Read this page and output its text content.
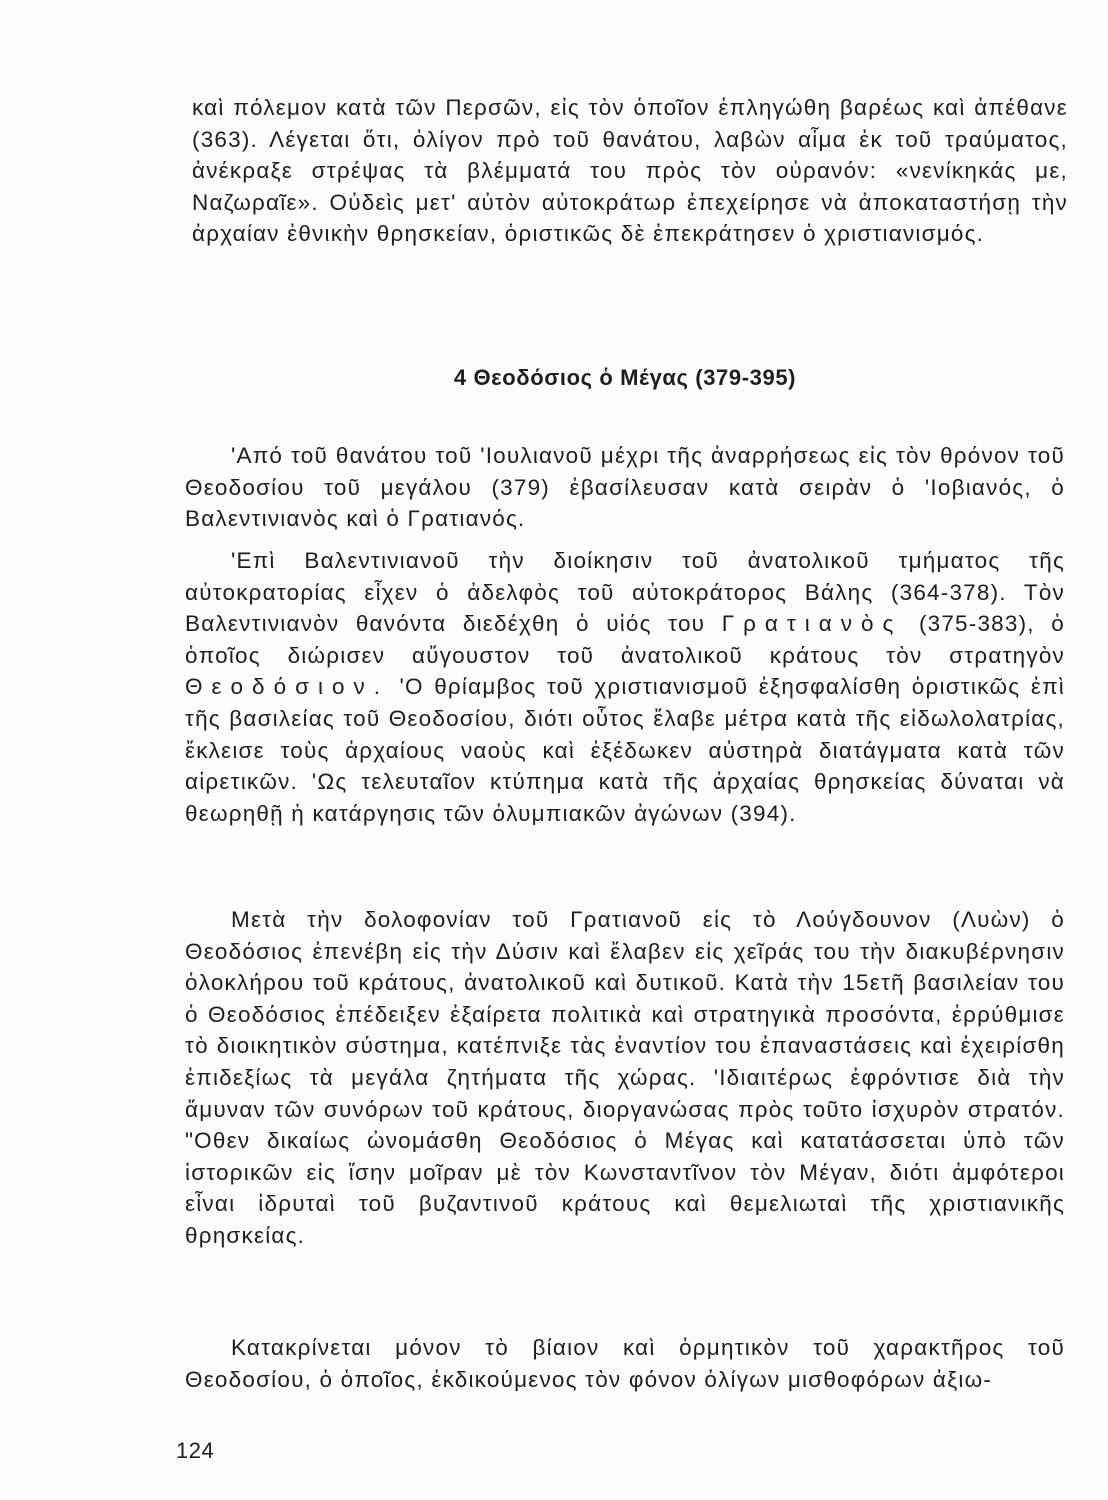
καὶ πόλεμον κατὰ τῶν Περσῶν, εἰς τὸν ὁποῖον ἐπληγώθη βαρέως καὶ ἀπέθανε (363). Λέγεται ὅτι, ὀλίγον πρὸ τοῦ θανάτου, λαβὼν αἷμα ἐκ τοῦ τραύματος, ἀνέκραξε στρέψας τὰ βλέμματά του πρὸς τὸν οὐρανόν: «νενίκηκάς με, Ναζωραῖε». Οὐδεὶς μετ' αὐτὸν αὐτοκράτωρ ἐπεχείρησε νὰ ἀποκαταστήσῃ τὴν ἀρχαίαν ἐθνικὴν θρησκείαν, ὁριστικῶς δὲ ἐπεκράτησεν ὁ χριστιανισμός.

4 Θεοδόσιος ὁ Μέγας (379-395)

'Από τοῦ θανάτου τοῦ 'Ιουλιανοῦ μέχρι τῆς ἀναρρήσεως εἰς τὸν θρόνον τοῦ Θεοδοσίου τοῦ μεγάλου (379) ἐβασίλευσαν κατὰ σειρὰν ὁ 'Ιοβιανός, ὁ Βαλεντινιανὸς καὶ ὁ Γρατιανός.

'Επὶ Βαλεντινιανοῦ τὴν διοίκησιν τοῦ ἀνατολικοῦ τμήματος τῆς αὐτοκρατορίας εἶχεν ὁ ἀδελφὸς τοῦ αὐτοκράτορος Βάλης (364-378). Τὸν Βαλεντινιανὸν θανόντα διεδέχθη ὁ υἱός του Γρατιανὸς (375-383), ὁ ὁποῖος διώρισεν αὔγουστον τοῦ ἀνατολικοῦ κράτους τὸν στρατηγὸν Θεοδόσιον. 'Ο θρίαμβος τοῦ χριστιανισμοῦ ἐξησφαλίσθη ὁριστικῶς ἐπὶ τῆς βασιλείας τοῦ Θεοδοσίου, διότι οὗτος ἔλαβε μέτρα κατὰ τῆς εἰδωλολατρίας, ἔκλεισε τοὺς ἀρχαίους ναοὺς καὶ ἐξέδωκεν αὐστηρὰ διατάγματα κατὰ τῶν αἱρετικῶν. 'Ως τελευταῖον κτύπημα κατὰ τῆς ἀρχαίας θρησκείας δύναται νὰ θεωρηθῇ ἡ κατάργησις τῶν ὀλυμπιακῶν ἀγώνων (394).

Μετὰ τὴν δολοφονίαν τοῦ Γρατιανοῦ εἰς τὸ Λούγδουνον (Λυὼν) ὁ Θεοδόσιος ἐπενέβη εἰς τὴν Δύσιν καὶ ἔλαβεν εἰς χεῖράς του τὴν διακυβέρνησιν ὁλοκλήρου τοῦ κράτους, ἀνατολικοῦ καὶ δυτικοῦ. Κατὰ τὴν 15ετῆ βασιλείαν του ὁ Θεοδόσιος ἐπέδειξεν ἐξαίρετα πολιτικὰ καὶ στρατηγικὰ προσόντα, ἐρρύθμισε τὸ διοικητικὸν σύστημα, κατέπνιξε τὰς ἐναντίον του ἐπαναστάσεις καὶ ἐχειρίσθη ἐπιδεξίως τὰ μεγάλα ζητήματα τῆς χώρας. 'Ιδιαιτέρως ἐφρόντισε διὰ τὴν ἄμυναν τῶν συνόρων τοῦ κράτους, διοργανώσας πρὸς τοῦτο ἰσχυρὸν στρατόν. "Οθεν δικαίως ὠνομάσθη Θεοδόσιος ὁ Μέγας καὶ κατατάσσεται ὑπὸ τῶν ἱστορικῶν εἰς ἴσην μοῖραν μὲ τὸν Κωνσταντῖνον τὸν Μέγαν, διότι ἀμφότεροι εἶναι ἱδρυταὶ τοῦ βυζαντινοῦ κράτους καὶ θεμελιωταὶ τῆς χριστιανικῆς θρησκείας.

Κατακρίνεται μόνον τὸ βίαιον καὶ ὁρμητικὸν τοῦ χαρακτῆρος τοῦ Θεοδοσίου, ὁ ὁποῖος, ἐκδικούμενος τὸν φόνον ὀλίγων μισθοφόρων ἀξιω-

124
